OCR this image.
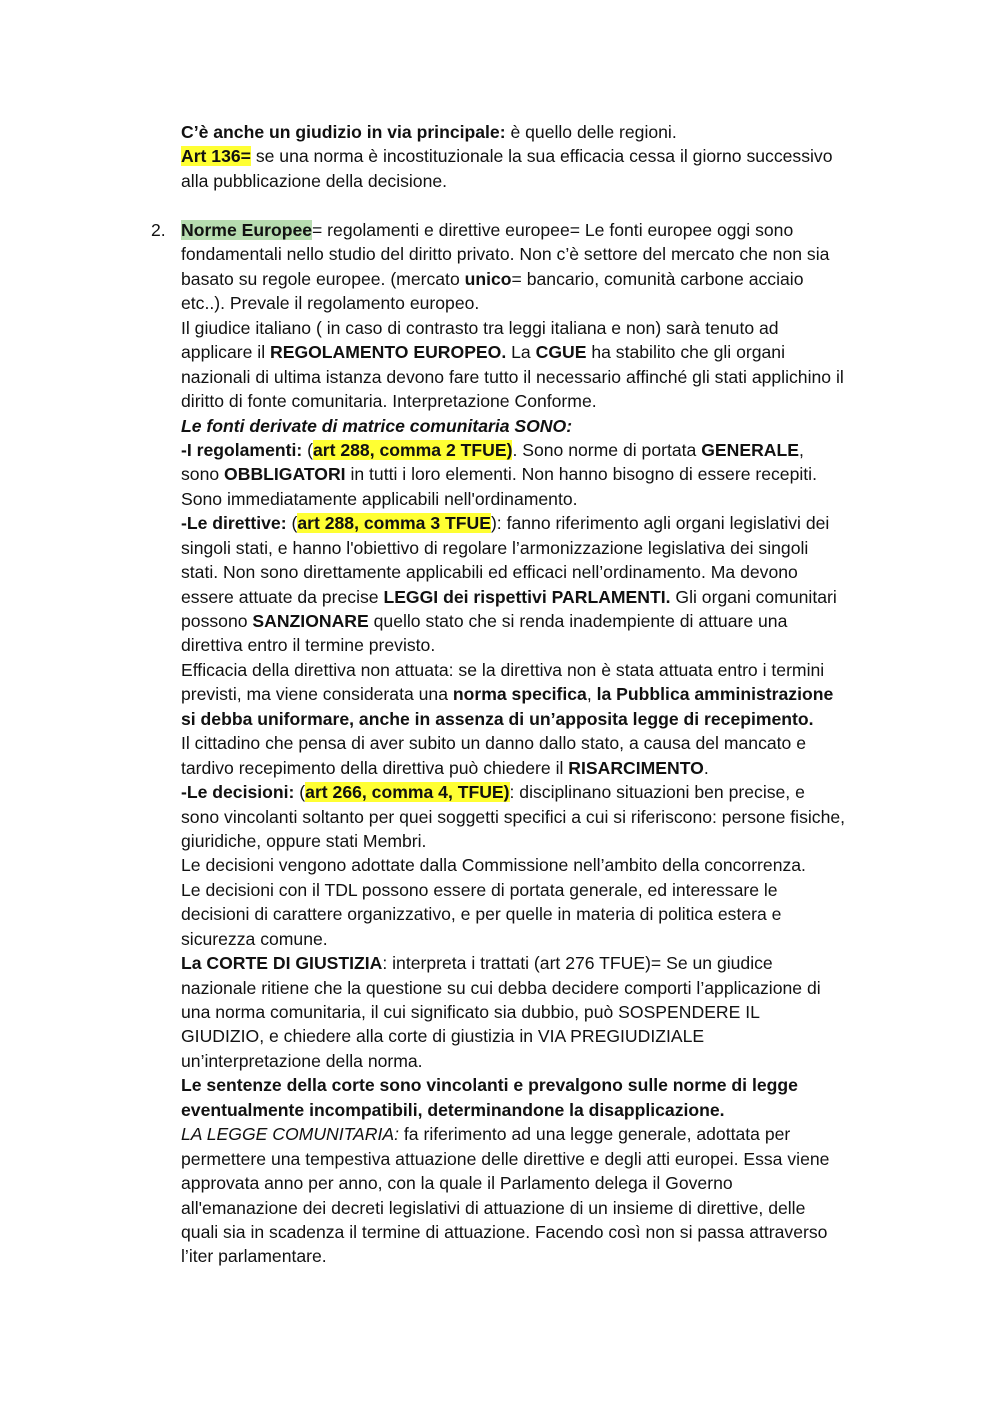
C’è anche un giudizio in via principale: è quello delle regioni.
Art 136= se una norma è incostituzionale la sua efficacia cessa il giorno successivo
alla pubblicazione della decisione.
2. Norme Europee= regolamenti e direttive europee= Le fonti europee oggi sono
fondamentali nello studio del diritto privato. Non c’è settore del mercato che non sia
basato su regole europee. (mercato unico= bancario, comunità carbone acciaio
etc..). Prevale il regolamento europeo.
Il giudice italiano ( in caso di contrasto tra leggi italiana e non) sarà tenuto ad
applicare il REGOLAMENTO EUROPEO. La CGUE ha stabilito che gli organi
nazionali di ultima istanza devono fare tutto il necessario affinché gli stati applichino il
diritto di fonte comunitaria. Interpretazione Conforme.
Le fonti derivate di matrice comunitaria SONO:
-I regolamenti: (art 288, comma 2 TFUE). Sono norme di portata GENERALE,
sono OBBLIGATORI in tutti i loro elementi. Non hanno bisogno di essere recepiti.
Sono immediatamente applicabili nell'ordinamento.
-Le direttive: (art 288, comma 3 TFUE): fanno riferimento agli organi legislativi dei
singoli stati, e hanno l'obiettivo di regolare l’armonizzazione legislativa dei singoli
stati. Non sono direttamente applicabili ed efficaci nell’ordinamento. Ma devono
essere attuate da precise LEGGI dei rispettivi PARLAMENTI. Gli organi comunitari
possono SANZIONARE quello stato che si renda inadempiente di attuare una
direttiva entro il termine previsto.
Efficacia della direttiva non attuata: se la direttiva non è stata attuata entro i termini
previsti, ma viene considerata una norma specifica, la Pubblica amministrazione
si debba uniformare, anche in assenza di un’apposita legge di recepimento.
Il cittadino che pensa di aver subito un danno dallo stato, a causa del mancato e
tardivo recepimento della direttiva può chiedere il RISARCIMENTO.
-Le decisioni: (art 266, comma 4, TFUE): disciplinano situazioni ben precise, e
sono vincolanti soltanto per quei soggetti specifici a cui si riferiscono: persone fisiche,
giuridiche, oppure stati Membri.
Le decisioni vengono adottate dalla Commissione nell’ambito della concorrenza.
Le decisioni con il TDL possono essere di portata generale, ed interessare le
decisioni di carattere organizzativo, e per quelle in materia di politica estera e
sicurezza comune.
La CORTE DI GIUSTIZIA: interpreta i trattati (art 276 TFUE)= Se un giudice
nazionale ritiene che la questione su cui debba decidere comporti l’applicazione di
una norma comunitaria, il cui significato sia dubbio, può SOSPENDERE IL
GIUDIZIO, e chiedere alla corte di giustizia in VIA PREGIUDIZIALE
un’interpretazione della norma.
Le sentenze della corte sono vincolanti e prevalgono sulle norme di legge
eventualmente incompatibili, determinandone la disapplicazione.
LA LEGGE COMUNITARIA: fa riferimento ad una legge generale, adottata per
permettere una tempestiva attuazione delle direttive e degli atti europei. Essa viene
approvata anno per anno, con la quale il Parlamento delega il Governo
all'emanazione dei decreti legislativi di attuazione di un insieme di direttive, delle
quali sia in scadenza il termine di attuazione. Facendo così non si passa attraverso
l’iter parlamentare.
